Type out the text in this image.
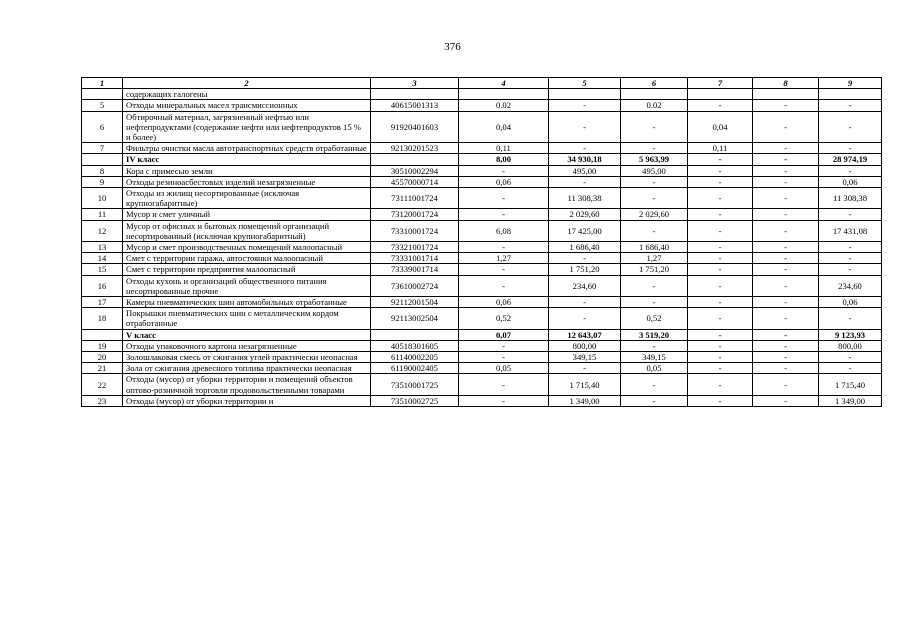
376
1	2	3	4	5	6	7	8	9
	содержащих галогены							
5	Отходы минеральных масел трансмиссионных	40615001313	0.02	-	0.02	-	-	-
6	Обтирочный материал, загрязненный нефтью или нефтепродуктами (содержание нефти или нефтепродуктов 15 % и более)	91920401603	0,04	-	-	0,04	-	-
7	Фильтры очистки масла автотранспортных средств отработанные	92130201523	0,11	-	-	0,11	-	-
	IV класс		8,00	34 930,18	5 963,99	-	-	28 974,19
8	Кора с примесью земли	30510002294	-	495,00	495,00	-	-	-
9	Отходы резиноасбестовых изделий незагрязненные	45570000714	0,06	-	-	-	-	0,06
10	Отходы из жилищ несортированные (исключая крупногабаритные)	73111001724	-	11 308,38	-	-	-	11 308,38
11	Мусор и смет уличный	73120001724	-	2 029,60	2 029,60	-	-	-
12	Мусор от офисных и бытовых помещений организаций несортированный (исключая крупногабаритный)	73310001724	6,08	17 425,00	-	-	-	17 431,08
13	Мусор и смет производственных помещений малоопасный	73321001724	-	1 686,40	1 686,40	-	-	-
14	Смет с территории гаража, автостоянки малоопасный	73331001714	1,27	-	1,27	-	-	-
15	Смет с территории предприятия малоопасный	73339001714	-	1 751,20	1 751,20	-	-	-
16	Отходы кухонь и организаций общественного питания несортированные прочие	73610002724	-	234,60	-	-	-	234,60
17	Камеры пневматических шин автомобильных отработанные	92112001504	0,06	-	-	-	-	0,06
18	Покрышки пневматических шин с металлическим кордом отработанные	92113002504	0,52	-	0,52	-	-	-
	V класс		0,07	12 643,07	3 519,20	-	-	9 123,93
19	Отходы упаковочного картона незагрязненные	40518301605	-	800,00	-	-	-	800,00
20	Золошлаковая смесь от сжигания углей практически неопасная	61140002205	-	349,15	349,15	-	-	-
21	Зола от сжигания древесного топлива практически неопасная	61190002405	0,05	-	0,05	-	-	-
22	Отходы (мусор) от уборки территории и помещений объектов оптово-розничной торговли продовольственными товарами	73510001725	-	1 715,40	-	-	-	1 715,40
23	Отходы (мусор) от уборки территории и	73510002725	-	1 349,00	-	-	-	1 349,00
